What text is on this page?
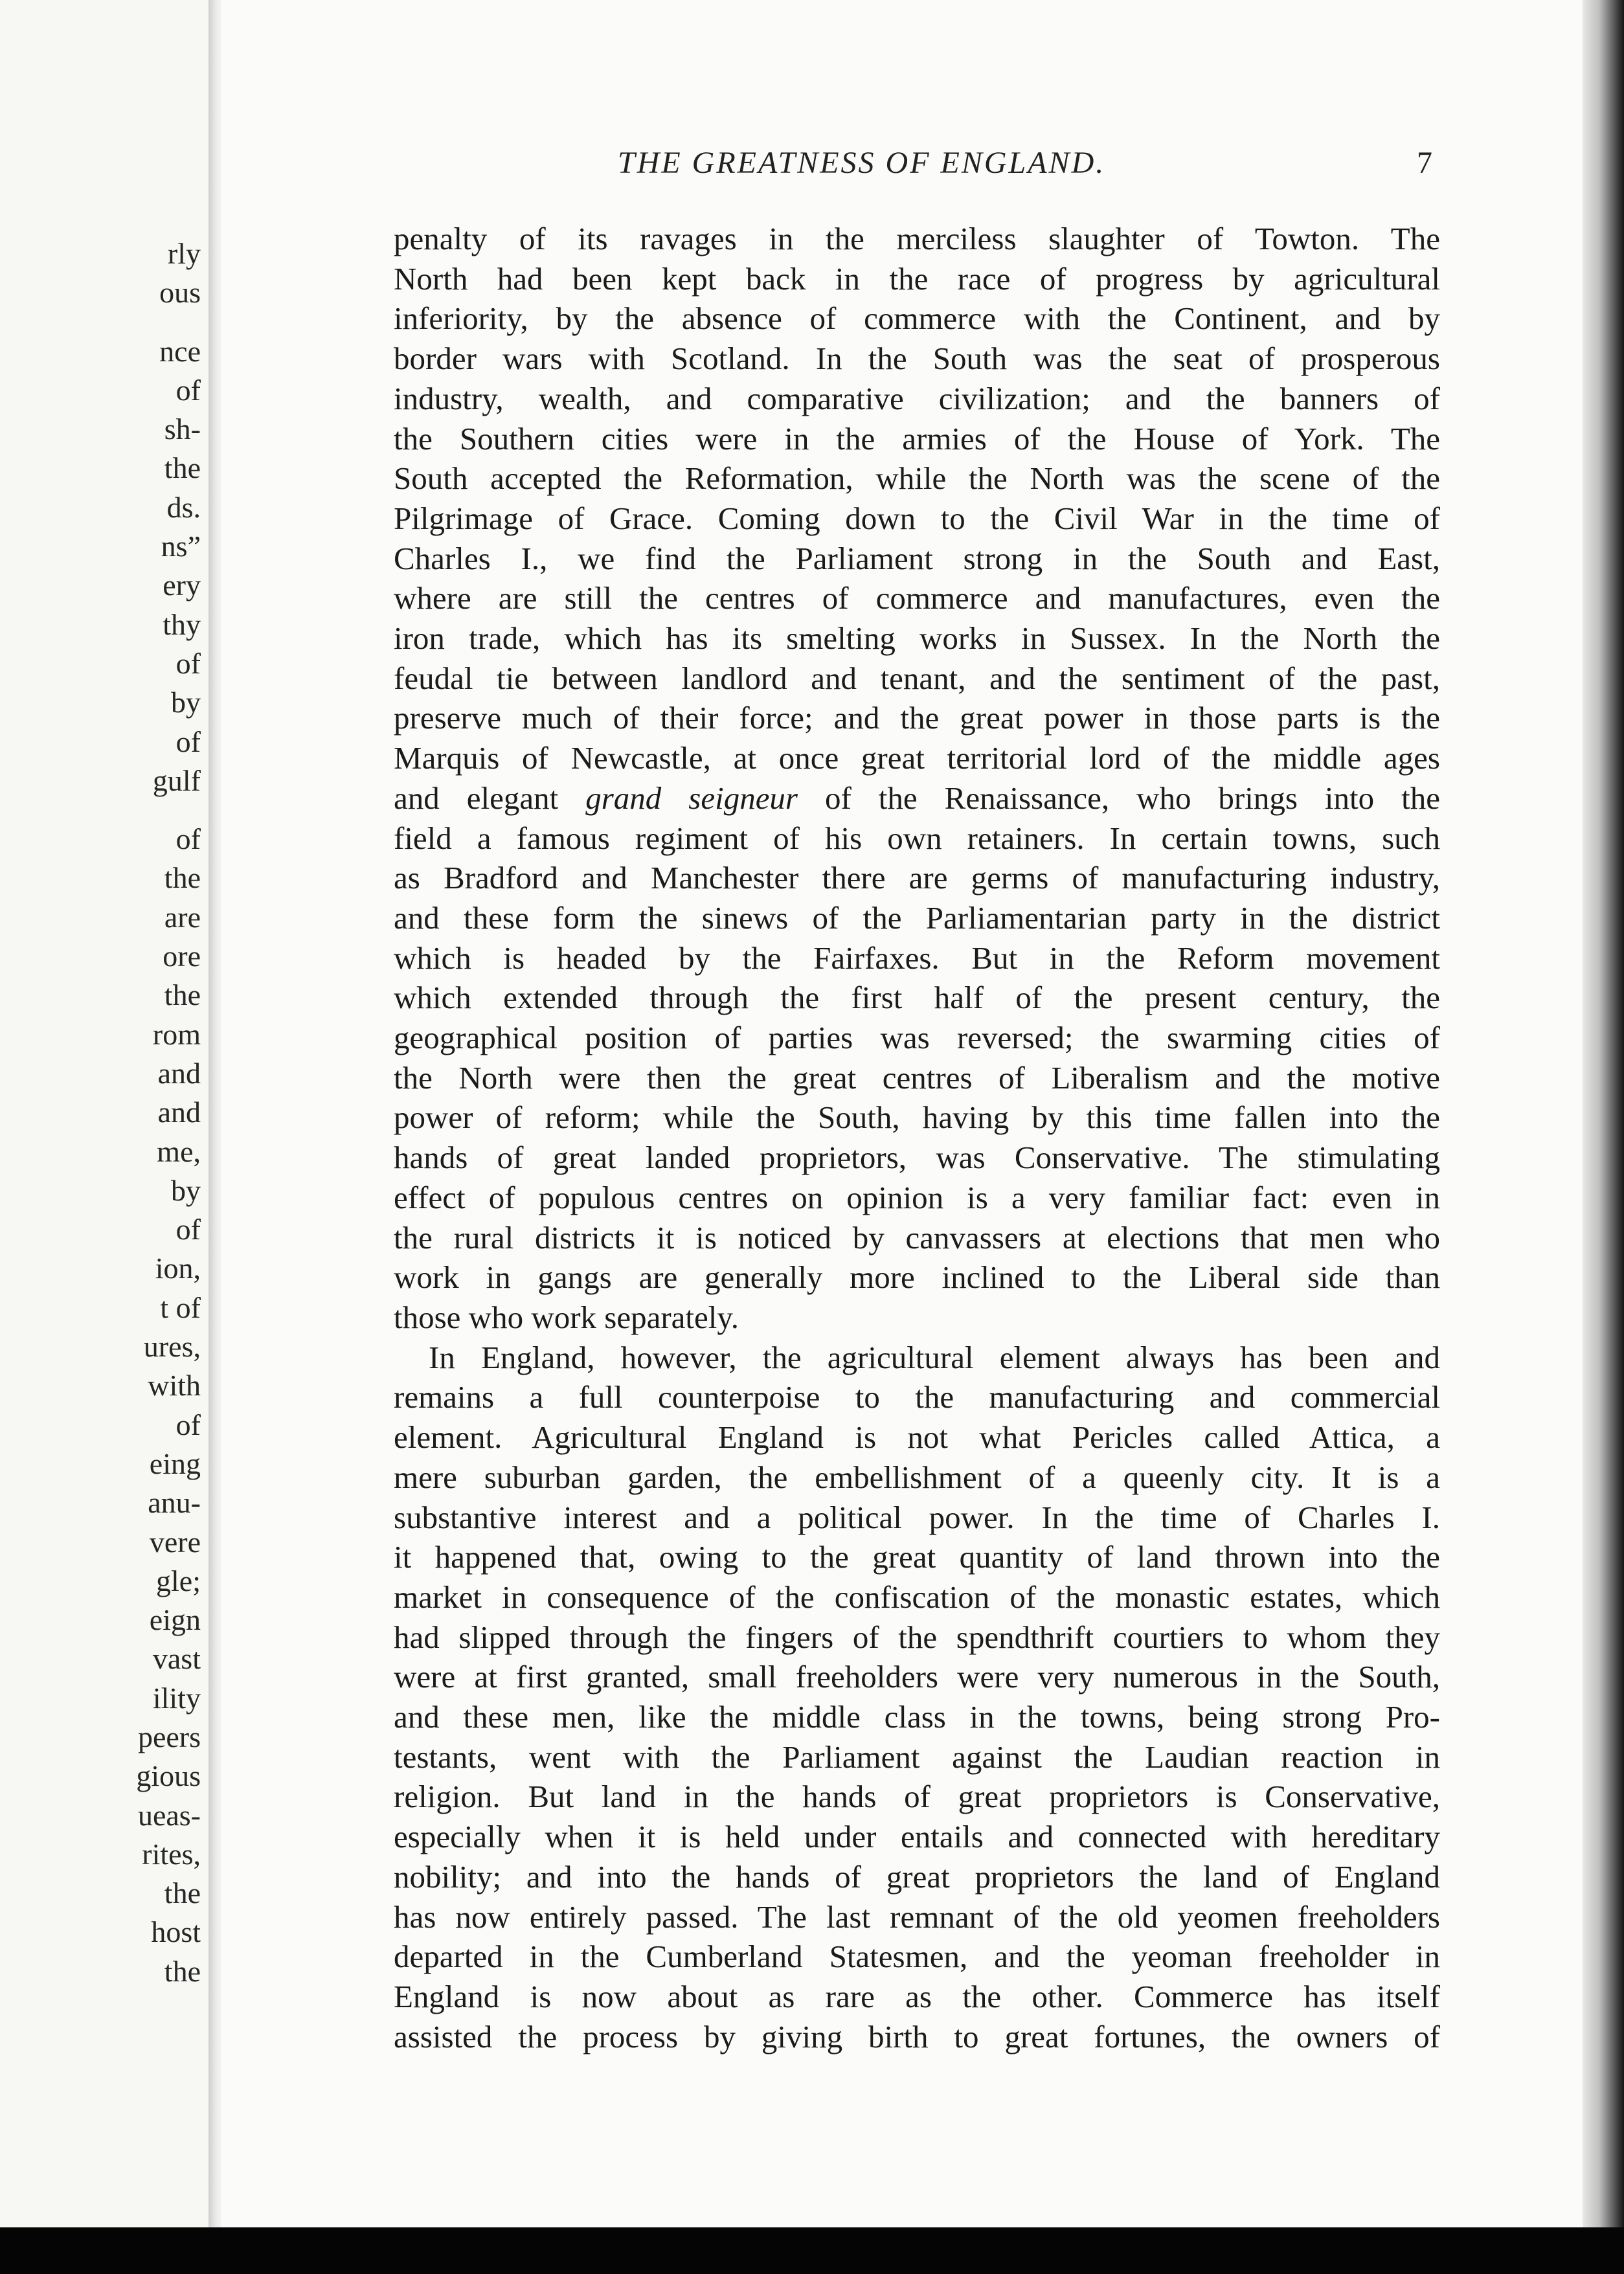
rly
ous
nce
of
sh-
the
ds.
ns”
ery
thy
of
by
of
gulf
of
the
are
ore
the
rom
and
and
me,
by
of
ion,
t of
ures,
with
of
eing
anu-
vere
gle;
eign
vast
ility
peers
gious
ueas-
rites,
the
host
the
THE GREATNESS OF ENGLAND.	7
penalty of its ravages in the merciless slaughter of Towton. The
North had been kept back in the race of progress by agricultural
inferiority, by the absence of commerce with the Continent, and by
border wars with Scotland. In the South was the seat of prosperous
industry, wealth, and comparative civilization; and the banners of
the Southern cities were in the armies of the House of York. The
South accepted the Reformation, while the North was the scene of the
Pilgrimage of Grace. Coming down to the Civil War in the time of
Charles I., we find the Parliament strong in the South and East,
where are still the centres of commerce and manufactures, even the
iron trade, which has its smelting works in Sussex. In the North the
feudal tie between landlord and tenant, and the sentiment of the past,
preserve much of their force; and the great power in those parts is the
Marquis of Newcastle, at once great territorial lord of the middle ages
and elegant grand seigneur of the Renaissance, who brings into the
field a famous regiment of his own retainers. In certain towns, such
as Bradford and Manchester there are germs of manufacturing industry,
and these form the sinews of the Parliamentarian party in the district
which is headed by the Fairfaxes. But in the Reform movement
which extended through the first half of the present century, the
geographical position of parties was reversed; the swarming cities of
the North were then the great centres of Liberalism and the motive
power of reform; while the South, having by this time fallen into the
hands of great landed proprietors, was Conservative. The stimulating
effect of populous centres on opinion is a very familiar fact: even in
the rural districts it is noticed by canvassers at elections that men who
work in gangs are generally more inclined to the Liberal side than
those who work separately.
In England, however, the agricultural element always has been and
remains a full counterpoise to the manufacturing and commercial
element. Agricultural England is not what Pericles called Attica, a
mere suburban garden, the embellishment of a queenly city. It is a
substantive interest and a political power. In the time of Charles I.
it happened that, owing to the great quantity of land thrown into the
market in consequence of the confiscation of the monastic estates, which
had slipped through the fingers of the spendthrift courtiers to whom they
were at first granted, small freeholders were very numerous in the South,
and these men, like the middle class in the towns, being strong Pro-
testants, went with the Parliament against the Laudian reaction in
religion. But land in the hands of great proprietors is Conservative,
especially when it is held under entails and connected with hereditary
nobility; and into the hands of great proprietors the land of England
has now entirely passed. The last remnant of the old yeomen freeholders
departed in the Cumberland Statesmen, and the yeoman freeholder in
England is now about as rare as the other. Commerce has itself
assisted the process by giving birth to great fortunes, the owners of
